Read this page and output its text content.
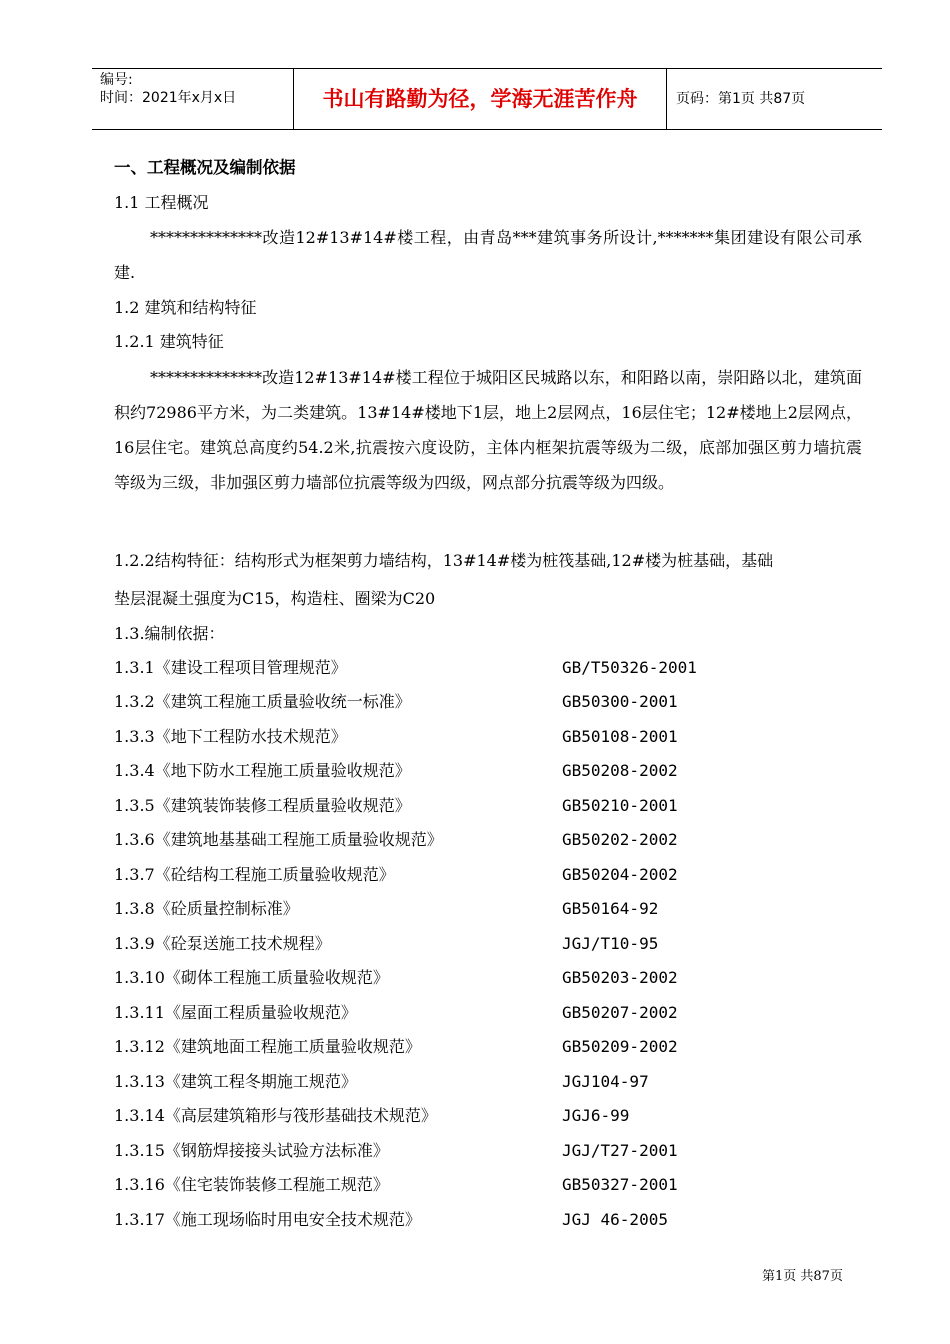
编号:
时间：2021年x月x日	书山有路勤为径，学海无涯苦作舟	页码：第1页 共87页
一、工程概况及编制依据
1.1 工程概况
**************改造12#13#14#楼工程，由青岛***建筑事务所设计,*******集团建设有限公司承建.
1.2 建筑和结构特征
1.2.1 建筑特征
**************改造12#13#14#楼工程位于城阳区民城路以东，和阳路以南，崇阳路以北，建筑面积约72986平方米，为二类建筑。13#14#楼地下1层，地上2层网点，16层住宅；12#楼地上2层网点，16层住宅。建筑总高度约54.2米,抗震按六度设防，主体内框架抗震等级为二级，底部加强区剪力墙抗震等级为三级，非加强区剪力墙部位抗震等级为四级，网点部分抗震等级为四级。
1.2.2结构特征：结构形式为框架剪力墙结构，13#14#楼为桩筏基础,12#楼为桩基础，基础
垫层混凝土强度为C15，构造柱、圈梁为C20
1.3.编制依据：
1.3.1《建设工程项目管理规范》	GB/T50326-2001
1.3.2《建筑工程施工质量验收统一标准》	GB50300-2001
1.3.3《地下工程防水技术规范》	GB50108-2001
1.3.4《地下防水工程施工质量验收规范》	GB50208-2002
1.3.5《建筑装饰装修工程质量验收规范》	GB50210-2001
1.3.6《建筑地基基础工程施工质量验收规范》	GB50202-2002
1.3.7《砼结构工程施工质量验收规范》	GB50204-2002
1.3.8《砼质量控制标准》	GB50164-92
1.3.9《砼泵送施工技术规程》	JGJ/T10-95
1.3.10《砌体工程施工质量验收规范》	GB50203-2002
1.3.11《屋面工程质量验收规范》	GB50207-2002
1.3.12《建筑地面工程施工质量验收规范》	GB50209-2002
1.3.13《建筑工程冬期施工规范》	JGJ104-97
1.3.14《高层建筑箱形与筏形基础技术规范》	JGJ6-99
1.3.15《钢筋焊接接头试验方法标准》	JGJ/T27-2001
1.3.16《住宅装饰装修工程施工规范》	GB50327-2001
1.3.17《施工现场临时用电安全技术规范》	JGJ 46-2005
第1页 共87页
